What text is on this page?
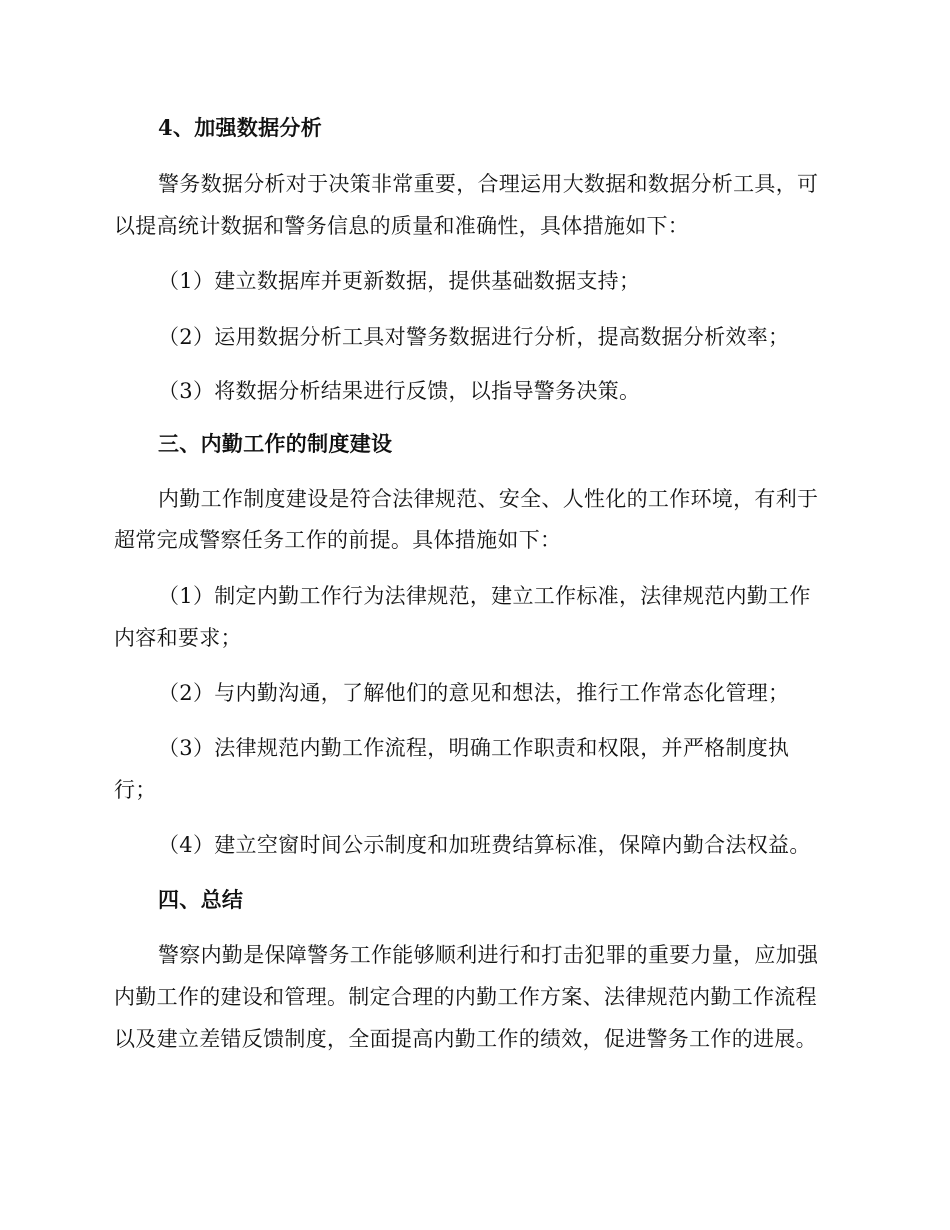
4、加强数据分析
警务数据分析对于决策非常重要，合理运用大数据和数据分析工具，可
以提高统计数据和警务信息的质量和准确性，具体措施如下：
（1）建立数据库并更新数据，提供基础数据支持；
（2）运用数据分析工具对警务数据进行分析，提高数据分析效率；
（3）将数据分析结果进行反馈，以指导警务决策。
三、内勤工作的制度建设
内勤工作制度建设是符合法律规范、安全、人性化的工作环境，有利于
超常完成警察任务工作的前提。具体措施如下：
（1）制定内勤工作行为法律规范，建立工作标准，法律规范内勤工作
内容和要求；
（2）与内勤沟通，了解他们的意见和想法，推行工作常态化管理；
（3）法律规范内勤工作流程，明确工作职责和权限，并严格制度执
行；
（4）建立空窗时间公示制度和加班费结算标准，保障内勤合法权益。
四、总结
警察内勤是保障警务工作能够顺利进行和打击犯罪的重要力量，应加强
内勤工作的建设和管理。制定合理的内勤工作方案、法律规范内勤工作流程
以及建立差错反馈制度，全面提高内勤工作的绩效，促进警务工作的进展。
